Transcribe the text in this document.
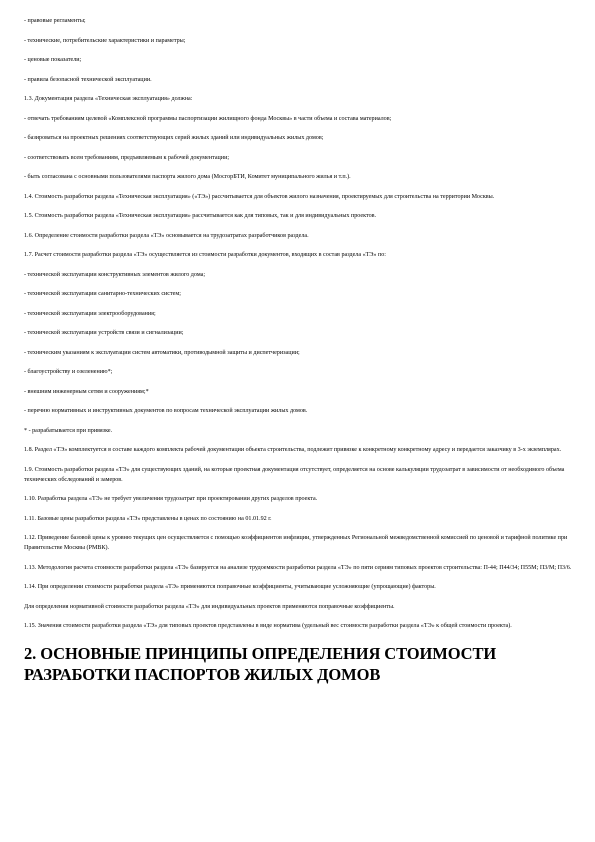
- правовые регламенты;

- технические, потребительские характеристики и параметры;

- ценовые показатели;

- правила безопасной технической эксплуатации.

1.3. Документация раздела «Техническая эксплуатация» должна:

- отвечать требованиям целевой «Комплексной программы паспортизации жилищного фонда Москвы» в части объема и состава материалов;

- базироваться на проектных решениях соответствующих серий жилых зданий или индивидуальных жилых домов;

- соответствовать всем требованиям, предъявляемым к рабочей документации;

- быть согласована с основными пользователями паспорта жилого дома (МосгорБТИ, Комитет муниципального жилья и т.п.).

1.4. Стоимость разработки раздела «Техническая эксплуатация» («ТЭ») рассчитывается для объектов жилого назначения, проектируемых для строительства на территории Москвы.

1.5. Стоимость разработки раздела «Техническая эксплуатация» рассчитывается как для типовых, так и для индивидуальных проектов.

1.6. Определение стоимости разработки раздела «ТЭ» основывается на трудозатратах разработчиков раздела.

1.7. Расчет стоимости разработки раздела «ТЭ» осуществляется из стоимости разработки документов, входящих в состав раздела «ТЭ» по:

- технической эксплуатации конструктивных элементов жилого дома;

- технической эксплуатации санитарно-технических систем;

- технической эксплуатации электрооборудования;

- технической эксплуатации устройств связи и сигнализации;

- техническим указаниям к эксплуатации систем автоматики, противодымной защиты и диспетчеризации;

- благоустройству и озеленению*;

- внешним инженерным сетям и сооружениям;*

- перечню нормативных и инструктивных документов по вопросам технической эксплуатации жилых домов.

* - разрабатывается при привязке.

1.8. Раздел «ТЭ» комплектуется в составе каждого комплекта рабочей документации объекта строительства, подлежит привязке к конкретному конкретному адресу и передается заказчику в 3-х экземплярах.

1.9. Стоимость разработки раздела «ТЭ» для существующих зданий, на которые проектная документация отсутствует, определяется на основе калькуляции трудозатрат в зависимости от необходимого объема технических обследований и замеров.

1.10. Разработка раздела «ТЭ» не требует увеличения трудозатрат при проектировании других разделов проекта.

1.11. Базовые цены разработки раздела «ТЭ» представлены в ценах по состоянию на 01.01.92 г.

1.12. Приведение базовой цены к уровню текущих цен осуществляется с помощью коэффициентов инфляции, утвержденных Региональной межведомственной комиссией по ценовой и тарифной политике при Правительстве Москвы (РМВК).

1.13. Методология расчета стоимости разработки раздела «ТЭ» базируется на анализе трудоемкости разработки раздела «ТЭ» по пяти сериям типовых проектов строительства: П-44; П44/34; П55М; П3/М; П3/6.

1.14. При определении стоимости разработки раздела «ТЭ» применяются поправочные коэффициенты, учитывающие усложняющие (упрощающие) факторы.

Для определения нормативной стоимости разработки раздела «ТЭ» для индивидуальных проектов применяются поправочные коэффициенты.

1.15. Значения стоимости разработки раздела «ТЭ» для типовых проектов представлены в виде норматива (удельный вес стоимости разработки раздела «ТЭ» к общей стоимости проекта).

2. ОСНОВНЫЕ ПРИНЦИПЫ ОПРЕДЕЛЕНИЯ СТОИМОСТИ РАЗРАБОТКИ ПАСПОРТОВ ЖИЛЫХ ДОМОВ
